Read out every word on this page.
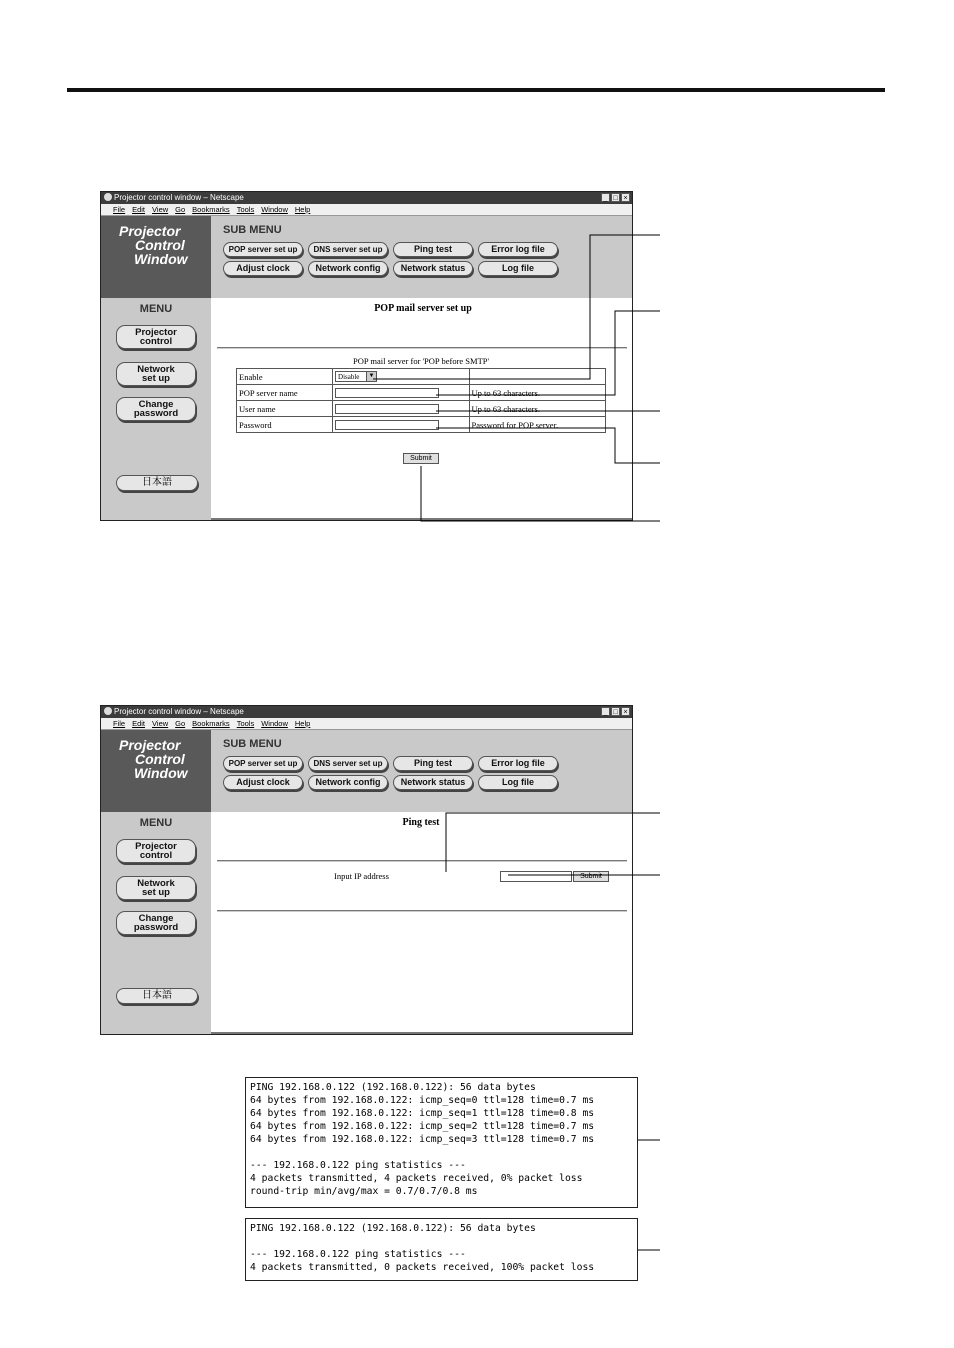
Projector control window – Netscape	_ □ ×
File Edit View Go Bookmarks Tools Window Help
Projector
Control
Window
SUB MENU
POP server set up	DNS server set up	Ping test	Error log file
Adjust clock	Network config	Network status	Log file
MENU
Projector
control
Network
set up
Change
password
日本語
POP mail server set up
POP mail server for 'POP before SMTP'
Enable	Disable ▼	

POP server name		Up to 63 characters.
User name		Up to 63 characters.
Password		Password for POP server.
Submit
Projector control window – Netscape	_ □ ×
File Edit View Go Bookmarks Tools Window Help
Projector
Control
Window
SUB MENU
POP server set up	DNS server set up	Ping test	Error log file
Adjust clock	Network config	Network status	Log file
MENU
Projector
control
Network
set up
Change
password
日本語
Ping test
Input IP address	Submit
PING 192.168.0.122 (192.168.0.122): 56 data bytes
64 bytes from 192.168.0.122: icmp_seq=0 ttl=128 time=0.7 ms
64 bytes from 192.168.0.122: icmp_seq=1 ttl=128 time=0.8 ms
64 bytes from 192.168.0.122: icmp_seq=2 ttl=128 time=0.7 ms
64 bytes from 192.168.0.122: icmp_seq=3 ttl=128 time=0.7 ms
--- 192.168.0.122 ping statistics ---
4 packets transmitted, 4 packets received, 0% packet loss
round-trip min/avg/max = 0.7/0.7/0.8 ms
PING 192.168.0.122 (192.168.0.122): 56 data bytes
--- 192.168.0.122 ping statistics ---
4 packets transmitted, 0 packets received, 100% packet loss
